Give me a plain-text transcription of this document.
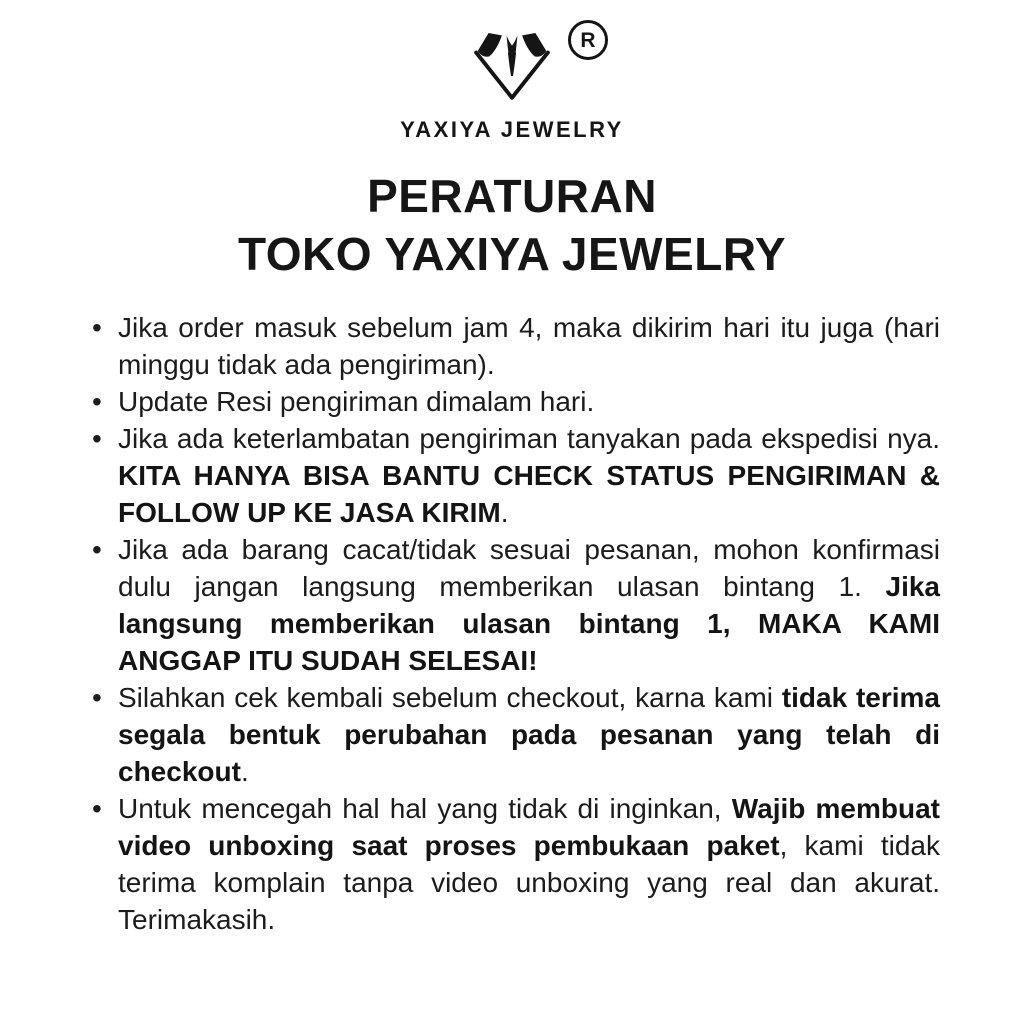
R
YAXIYA JEWELRY
PERATURAN
TOKO YAXIYA JEWELRY
• Jika order masuk sebelum jam 4, maka dikirim hari itu juga (hari minggu tidak ada pengiriman).
• Update Resi pengiriman dimalam hari.
• Jika ada keterlambatan pengiriman tanyakan pada ekspedisi nya. KITA HANYA BISA BANTU CHECK STATUS PENGIRIMAN & FOLLOW UP KE JASA KIRIM.
• Jika ada barang cacat/tidak sesuai pesanan, mohon konfirmasi dulu jangan langsung memberikan ulasan bintang 1. Jika langsung memberikan ulasan bintang 1, MAKA KAMI ANGGAP ITU SUDAH SELESAI!
• Silahkan cek kembali sebelum checkout, karna kami tidak terima segala bentuk perubahan pada pesanan yang telah di checkout.
• Untuk mencegah hal hal yang tidak di inginkan, Wajib membuat video unboxing saat proses pembukaan paket, kami tidak terima komplain tanpa video unboxing yang real dan akurat. Terimakasih.
